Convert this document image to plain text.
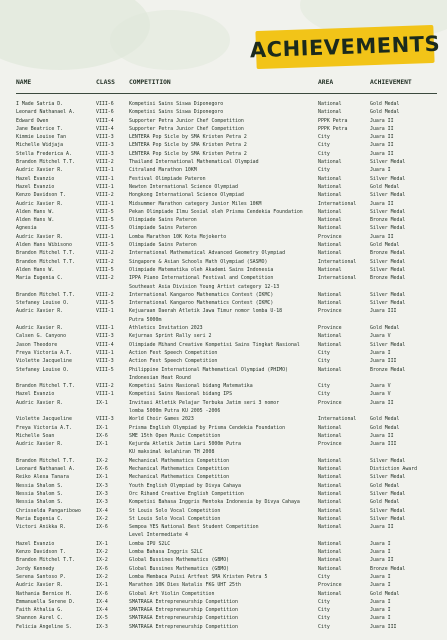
ACHIEVEMENTS
NAME	CLASS COMPETITION	AREA	ACHIEVEMENT
I Made Satria D.	VIII-6	Kompetisi Sains Siswa Diponegoro	National	Gold Medal
Leonard Nathanael A.	VIII-6	Kompetisi Sains Siswa Diponegoro	National	Gold Medal
Edward Owen	VIII-4	Supporter Petra Junior Chef Competition	PPPK Petra	Juara II
Jane Beatrice T.	VIII-4	Supporter Petra Junior Chef Competition	PPPK Petra	Juara II
Kimmie Louise Tan	VIII-3	LENTERA Pop Sicle by SMA Kristen Petra 2	City	Juara II
Michelle Widjaja	VIII-3	LENTERA Pop Sicle by SMA Kristen Petra 2	City	Juara II
Stella Frederica A.	VIII-3	LENTERA Pop Sicle by SMA Kristen Petra 2	City	Juara II
Brandon Mitchel T.T.	VIII-2	Thailand International Mathematical Olympiad	National	Silver Medal
Audric Xavier R.	VIII-1	Citraland Marathon 10KM	City	Juara I
Hazel Evanzio	VIII-1	Festival Olimpiade Pateron	National	Silver Medal
Hazel Evanzio	VIII-1	Newton International Science Olympiad	National	Gold Medal
Kenzo Davidson T.	VIII-2	Hongkong International Science Olympiad	National	Silver Medal
Audric Xavier R.	VIII-1	Midsummer Marathon category Junior Miles 10KM	International	Juara II
Alden Hans W.	VIII-5	Pekan Olimpiade Ilmu Sosial oleh Prisma Cendekia Foundation	National	Silver Medal
Alden Hans W.	VIII-5	Olimpiade Sains Pateron	National	Bronze Medal
Agnesia	VIII-5	Olimpiade Sains Pateron	National	Silver Medal
Audric Xavier R.	VIII-1	Lomba Marathon 10K Kota Mojokerto	Province	Juara II
Alden Hans Wibisono	VIII-5	Olimpiade Sains Pateron	National	Gold Medal
Brandon Mitchel T.T.	VIII-2	International Mathematical Advanced Geometry Olympiad	National	Bronze Medal
Brandon Mitchel T.T.	VIII-2	Singapore & Asian Schools Math Olympiad (SASMO)	International	Silver Medal
Alden Hans W.	VIII-5	Olimpiade Matematika oleh Akademi Sains Indonesia	National	Silver Medal
Maria Eugenia C.	VIII-2	IPPA Piano International Festival and Competition	International	Bronze Medal
Southeast Asia Division Young Artist category 12-13
Brandon Mitchel T.T.	VIII-2	International Kangaroo Mathematics Contest (IKMC)	National	Silver Medal
Stefaney Louise O.	VIII-5	International Kangaroo Mathematics Contest (IKMC)	National	Silver Medal
Audric Xavier R.	VIII-1	Kejuaraan Daerah Atletik Jawa Timur nomor lomba U-18	Province	Juara III
Putra 5000m
Audric Xavier R.	VIII-1	Athletics Invitation 2023	Province	Gold Medal
Calsen G. Canyono	VIII-3	Kejurnas Sprint Rally seri 2	National	Juara V
Jason Theodore	VIII-4	Olimpiade Mihand Creative Kompetisi Sains Tingkat Nasional	National	Silver Medal
Freya Victoria A.T.	VIII-1	Action Fest Speech Competition	City	Juara I
Violette Jacqueline	VIII-3	Action Fest Speech Competition	City	Juara III
Stefaney Louise O.	VIII-5	Philippine International Mathematical Olympiad (PHIMO)	National	Bronze Medal
Indonesian Heat Round
Brandon Mitchel T.T.	VIII-2	Kompetisi Sains Nasional bidang Matematika	City	Juara V
Hazel Evanzio	VIII-1	Kompetisi Sains Nasional bidang IPS	City	Juara V
Audric Xavier R.	IX-1	Invitasi Atletik Pelajar Terbuka Jatim seri 3 nomor	Province	Juara II
lomba 5000m Putra KU 2005 -2006
Violette Jacqueline	VIII-3	World Choir Games 2023	International	Gold Medal
Freya Victoria A.T.	IX-1	Prisma English Olympiad by Prisma Cendekia Foundation	National	Gold Medal
Michelle Soan	IX-6	SME 15th Open Music Competition	National	Juara II
Audric Xavier R.	IX-1	Kejurda Atletik Jatim Lari 5000m Putra	Province	Juara III
KU maksimal kelahiran TH 2008
Brandon Mitchel T.T.	IX-2	Mechanical Mathematics Competition	National	Silver Medal
Leonard Nathanael A.	IX-6	Mechanical Mathematics Competition	National	Distiction Award
Reiko Alexa Tanara	IX-1	Mechanical Mathematics Competition	National	Silver Medal
Nessia Shalom S.	IX-3	Youth English Olympiad by Divya Cahaya	National	Gold Medal
Nessia Shalom S.	IX-3	Orc Rihand Creative English Competition	National	Silver Medal
Nessia Shalom S.	IX-3	Kompetisi Bahasa Inggris Mentoka Indonesia by Divya Cahaya	National	Gold Medal
Chrisselda Pangaribowo	IX-4	St Louis Solo Vocal Competition	National	Silver Medal
Maria Eugenia C.	IX-2	St Louis Solo Vocal Competition	National	Silver Medal
Victori Anikka R.	IX-6	Sempoa YES National Best Student Competition	National	Juara II
Level Intermediate 4
Hazel Evanzio	IX-1	Lomba IPU S2LC	National	Juara I
Kenzo Davidson T.	IX-2	Lomba Bahasa Inggris S2LC	National	Juara I
Brandon Mitchel T.T.	IX-2	Global Bussines Mathematics (GBMO)	National	Juara II
Jordy Kennedy	IX-6	Global Bussines Mathematics (GBMO)	National	Bronze Medal
Serena Santoso P.	IX-2	Lomba Membaca Puisi Artfest SMA Kristen Petra 5	City	Juara I
Audric Xavier R.	IX-1	Marathon 10K Dies Natalis FKG UHT 25th	Province	Juara I
Nathania Bernice H.	IX-6	Global Art Violin Competition	National	Gold Medal
Emmanuella Serene D.	IX-4	SMATRAGA Entrepreneurship Competition	City	Juara I
Faith Athalia G.	IX-4	SMATRAGA Entrepreneurship Competition	City	Juara I
Shannon Aurel C.	IX-5	SMATRAGA Entrepreneurship Competition	City	Juara I
Felicia Angeline S.	IX-3	SMATRAGA Entrepreneurship Competition	City	Juara III
